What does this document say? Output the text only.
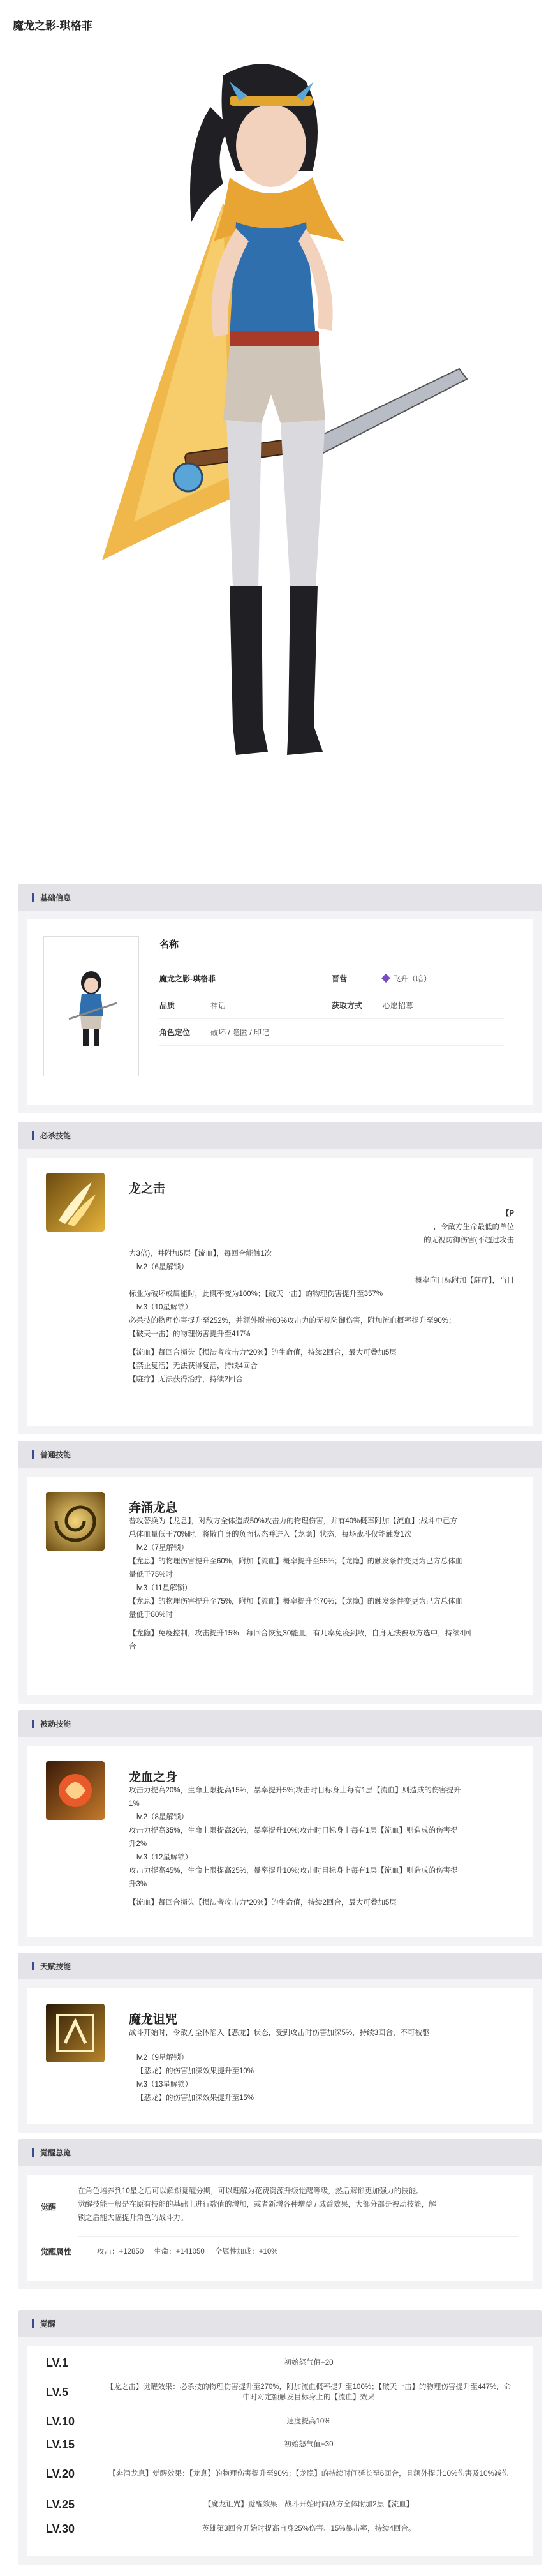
魔龙之影-琪格菲
基础信息
名称
魔龙之影-琪格菲	晋营	飞升（暗）
品质	神话	获取方式	心愿招募
角色定位	破坏 / 隐匿 / 印记
必杀技能
龙之击
【P
，令敌方生命最低的单位
的无视防御伤害(不超过攻击
力3倍)，并附加5层【流血】，每回合能触1次
lv.2（6星解锁）
概率向目标附加【駐疗】，当目
标业为破坏或属能时，此概率变为100%；【破天一击】的物理伤害提升至357%
lv.3（10星解锁）
必杀技的物理伤害提升至252%，并额外附带60%攻击力的无视防御伤害，附加流血概率提升至90%；
【破天一击】的物理伤害提升至417%
【流血】每回合损失【损法者攻击力*20%】的生命值，持续2回合，最大可叠加5层
【禁止复活】无法获得复活，持续4回合
【駐疗】无法获得治疗，持续2回合
普通技能
奔涌龙息
普攻替换为【龙息】，对敌方全体造成50%攻击力的物理伤害，并有40%概率附加【流血】;战斗中己方
总体血量低于70%时，将散自身的负面状态并进入【龙隐】状态，每场战斗仅能触发1次
lv.2（7星解锁）
【龙息】的物理伤害提升至60%，附加【流血】概率提升至55%；【龙隐】的触发条件变更为己方总体血
量低于75%时
lv.3（11星解锁）
【龙息】的物理伤害提升至75%，附加【流血】概率提升至70%；【龙隐】的触发条件变更为己方总体血
量低于80%时
【龙隐】免疫控制，攻击提升15%，每回合恢复30能量，有几率免疫到敌，自身无法被敌方选中，持续4回
合
被动技能
龙血之身
攻击力提高20%，生命上限提高15%，暴率提升5%;攻击时目标身上每有1层【流血】则造成的伤害提升
1%
lv.2（8星解锁）
攻击力提高35%，生命上限提高20%，暴率提升10%;攻击时目标身上每有1层【流血】则造成的伤害提
升2%
lv.3（12星解锁）
攻击力提高45%，生命上限提高25%，暴率提升10%;攻击时目标身上每有1层【流血】则造成的伤害提
升3%
【流血】每回合损失【损法者攻击力*20%】的生命值，持续2回合，最大可叠加5层
天赋技能
魔龙诅咒
战斗开始时，令敌方全体陷入【恶龙】状态，受到攻击时伤害加深5%，持续3回合，不可被驱
lv.2（9星解锁）
【恶龙】的伤害加深效果提升至10%
lv.3（13星解锁）
【恶龙】的伤害加深效果提升至15%
觉醒总览
觉醒
在角色培养到10星之后可以解锁觉醒分期，可以理解为花费资源升级觉醒等级，然后解锁更加强力的技能。
觉醒技能一般是在原有技能的基础上进行数值的增加，或者新增各种增益 / 减益效果，大部分都是被动技能，解
锁之后能大幅提升角色的战斗力。
觉醒属性	攻击：+12850     生命：+141050     全属性加成：+10%
觉醒
LV.1	初始怒气值+20
LV.5	【龙之击】觉醒效果：必杀技的物理伤害提升至270%，附加流血概率提升至100%；【破天一击】的物理伤害提升至447%，命中时对定额触发目标身上的【流血】效果
LV.10	速度提高10%
LV.15	初始怒气值+30
LV.20	【奔涌龙息】觉醒效果：【龙息】的物理伤害提升至90%；【龙隐】的持续时间延长至6回合，且额外提升10%伤害及10%减伤
LV.25	【魔龙诅咒】觉醒效果：战斗开始时向敌方全体附加2层【流血】
LV.30	英雄第3回合开始时提高自身25%伤害、15%暴击率，持续4回合。
